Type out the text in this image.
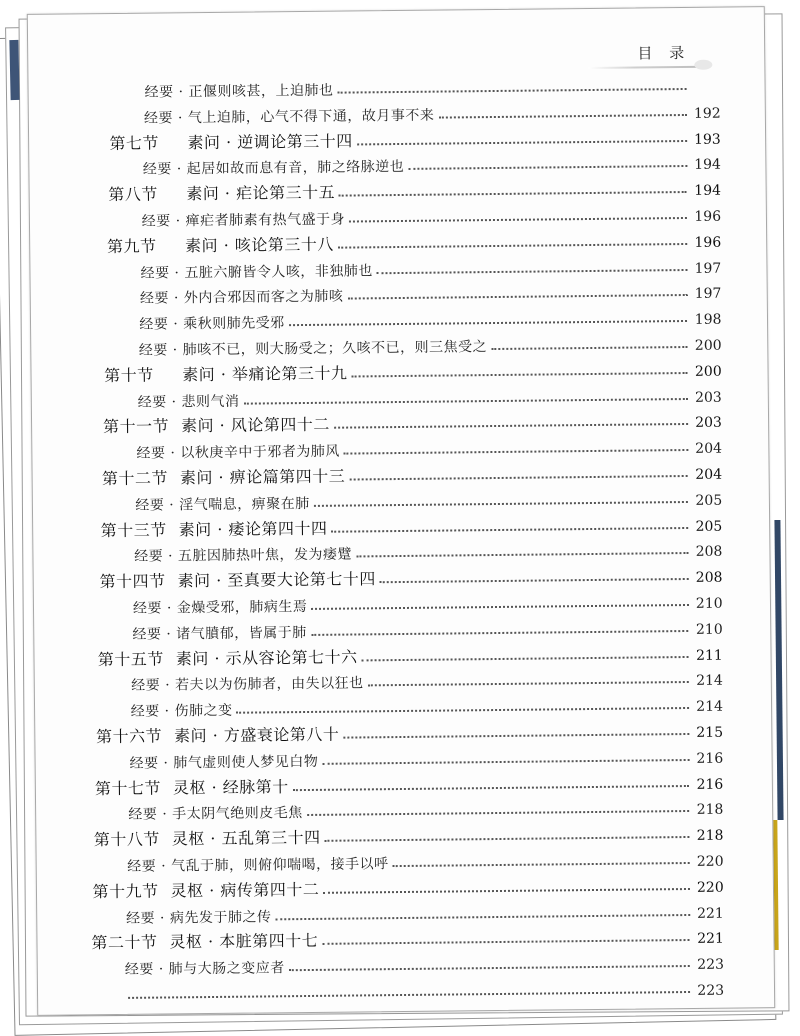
目 录
经要 · 正偃则咳甚，上迫肺也
经要 · 气上迫肺，心气不得下通，故月事不来	192
第七节 素问 · 逆调论第三十四	193
经要 · 起居如故而息有音，肺之络脉逆也	194
第八节 素问 · 疟论第三十五	194
经要 · 瘅疟者肺素有热气盛于身	196
第九节 素问 · 咳论第三十八	196
经要 · 五脏六腑皆令人咳，非独肺也	197
经要 · 外内合邪因而客之为肺咳	197
经要 · 乘秋则肺先受邪	198
经要 · 肺咳不已，则大肠受之；久咳不已，则三焦受之	200
第十节 素问 · 举痛论第三十九	200
经要 · 悲则气消	203
第十一节 素问 · 风论第四十二	203
经要 · 以秋庚辛中于邪者为肺风	204
第十二节 素问 · 痹论篇第四十三	204
经要 · 淫气喘息，痹聚在肺	205
第十三节 素问 · 痿论第四十四	205
经要 · 五脏因肺热叶焦，发为痿躄	208
第十四节 素问 · 至真要大论第七十四	208
经要 · 金燥受邪，肺病生焉	210
经要 · 诸气膹郁，皆属于肺	210
第十五节 素问 · 示从容论第七十六	211
经要 · 若夫以为伤肺者，由失以狂也	214
经要 · 伤肺之变	214
第十六节 素问 · 方盛衰论第八十	215
经要 · 肺气虚则使人梦见白物	216
第十七节 灵枢 · 经脉第十	216
经要 · 手太阴气绝则皮毛焦	218
第十八节 灵枢 · 五乱第三十四	218
经要 · 气乱于肺，则俯仰喘喝，接手以呼	220
第十九节 灵枢 · 病传第四十二	220
经要 · 病先发于肺之传	221
第二十节 灵枢 · 本脏第四十七	221
经要 · 肺与大肠之变应者	223
223
